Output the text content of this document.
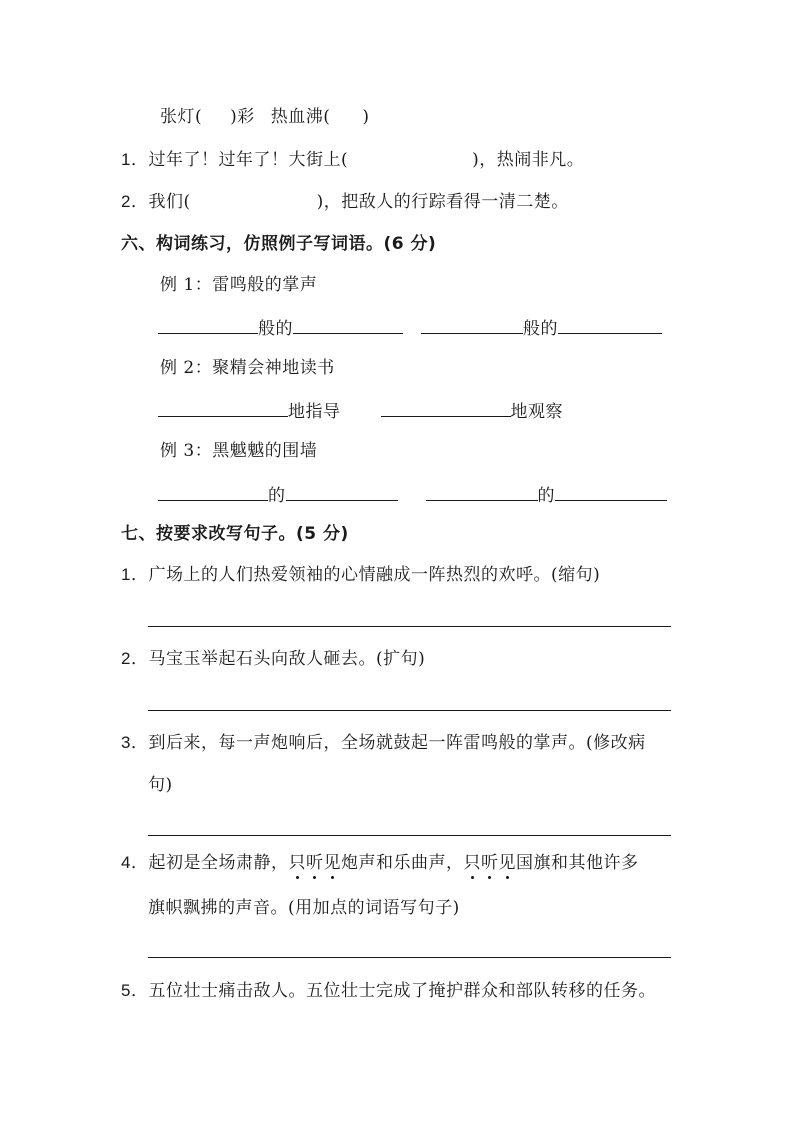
张灯( )彩 热血沸( )
1．过年了！过年了！大街上(	)，热闹非凡。
2．我们(	)，把敌人的行踪看得一清二楚。
六、构词练习，仿照例子写词语。(6 分)
例 1：雷鸣般的掌声
般的	般的
例 2：聚精会神地读书
地指导	地观察
例 3：黑魆魆的围墙
的	的
七、按要求改写句子。(5 分)
1．广场上的人们热爱领袖的心情融成一阵热烈的欢呼。(缩句)
2．马宝玉举起石头向敌人砸去。(扩句)
3．到后来，每一声炮响后，全场就鼓起一阵雷鸣般的掌声。(修改病
句)
4．起初是全场肃静，只听见炮声和乐曲声，只听见国旗和其他许多
旗帜飘拂的声音。(用加点的词语写句子)
5．五位壮士痛击敌人。五位壮士完成了掩护群众和部队转移的任务。
